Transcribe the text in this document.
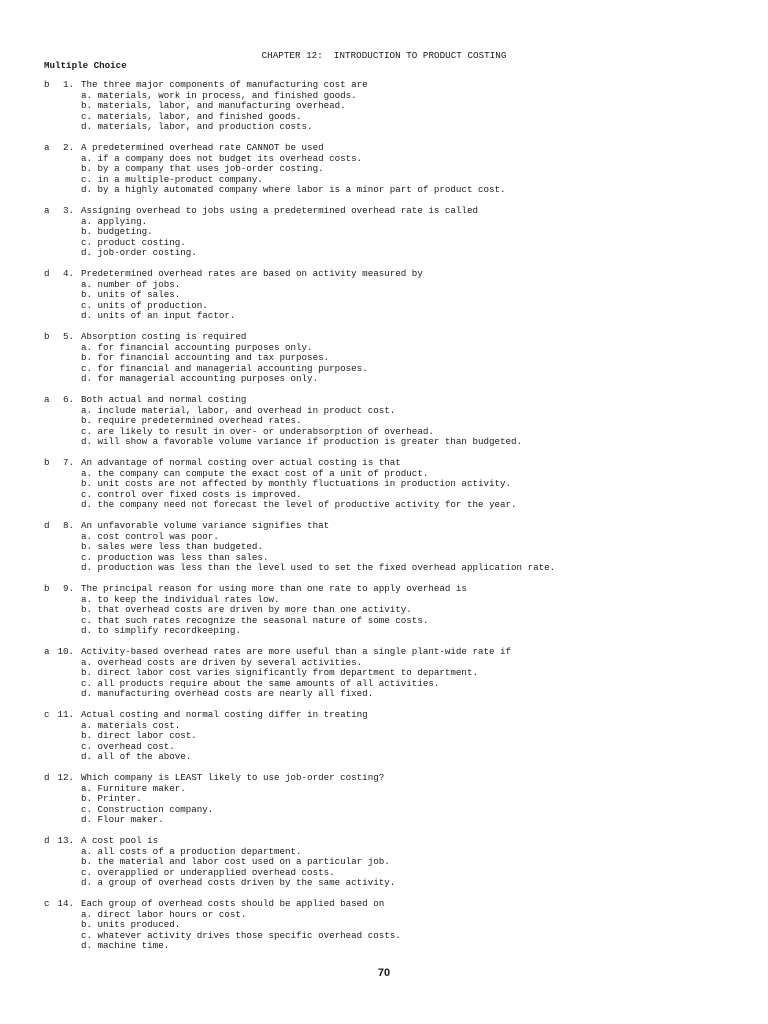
CHAPTER 12:  INTRODUCTION TO PRODUCT COSTING
Multiple Choice
b	1. The three major components of manufacturing cost are
a. materials, work in process, and finished goods.
b. materials, labor, and manufacturing overhead.
c. materials, labor, and finished goods.
d. materials, labor, and production costs.
a	2. A predetermined overhead rate CANNOT be used
a. if a company does not budget its overhead costs.
b. by a company that uses job-order costing.
c. in a multiple-product company.
d. by a highly automated company where labor is a minor part of product cost.
a	3. Assigning overhead to jobs using a predetermined overhead rate is called
a. applying.
b. budgeting.
c. product costing.
d. job-order costing.
d	4. Predetermined overhead rates are based on activity measured by
a. number of jobs.
b. units of sales.
c. units of production.
d. units of an input factor.
b	5. Absorption costing is required
a. for financial accounting purposes only.
b. for financial accounting and tax purposes.
c. for financial and managerial accounting purposes.
d. for managerial accounting purposes only.
a	6. Both actual and normal costing
a. include material, labor, and overhead in product cost.
b. require predetermined overhead rates.
c. are likely to result in over- or underabsorption of overhead.
d. will show a favorable volume variance if production is greater than budgeted.
b	7. An advantage of normal costing over actual costing is that
a. the company can compute the exact cost of a unit of product.
b. unit costs are not affected by monthly fluctuations in production activity.
c. control over fixed costs is improved.
d. the company need not forecast the level of productive activity for the year.
d	8. An unfavorable volume variance signifies that
a. cost control was poor.
b. sales were less than budgeted.
c. production was less than sales.
d. production was less than the level used to set the fixed overhead application rate.
b	9. The principal reason for using more than one rate to apply overhead is
a. to keep the individual rates low.
b. that overhead costs are driven by more than one activity.
c. that such rates recognize the seasonal nature of some costs.
d. to simplify recordkeeping.
a 10. Activity-based overhead rates are more useful than a single plant-wide rate if
a. overhead costs are driven by several activities.
b. direct labor cost varies significantly from department to department.
c. all products require about the same amounts of all activities.
d. manufacturing overhead costs are nearly all fixed.
c 11. Actual costing and normal costing differ in treating
a. materials cost.
b. direct labor cost.
c. overhead cost.
d. all of the above.
d 12. Which company is LEAST likely to use job-order costing?
a. Furniture maker.
b. Printer.
c. Construction company.
d. Flour maker.
d 13. A cost pool is
a. all costs of a production department.
b. the material and labor cost used on a particular job.
c. overapplied or underapplied overhead costs.
d. a group of overhead costs driven by the same activity.
c 14. Each group of overhead costs should be applied based on
a. direct labor hours or cost.
b. units produced.
c. whatever activity drives those specific overhead costs.
d. machine time.
70
